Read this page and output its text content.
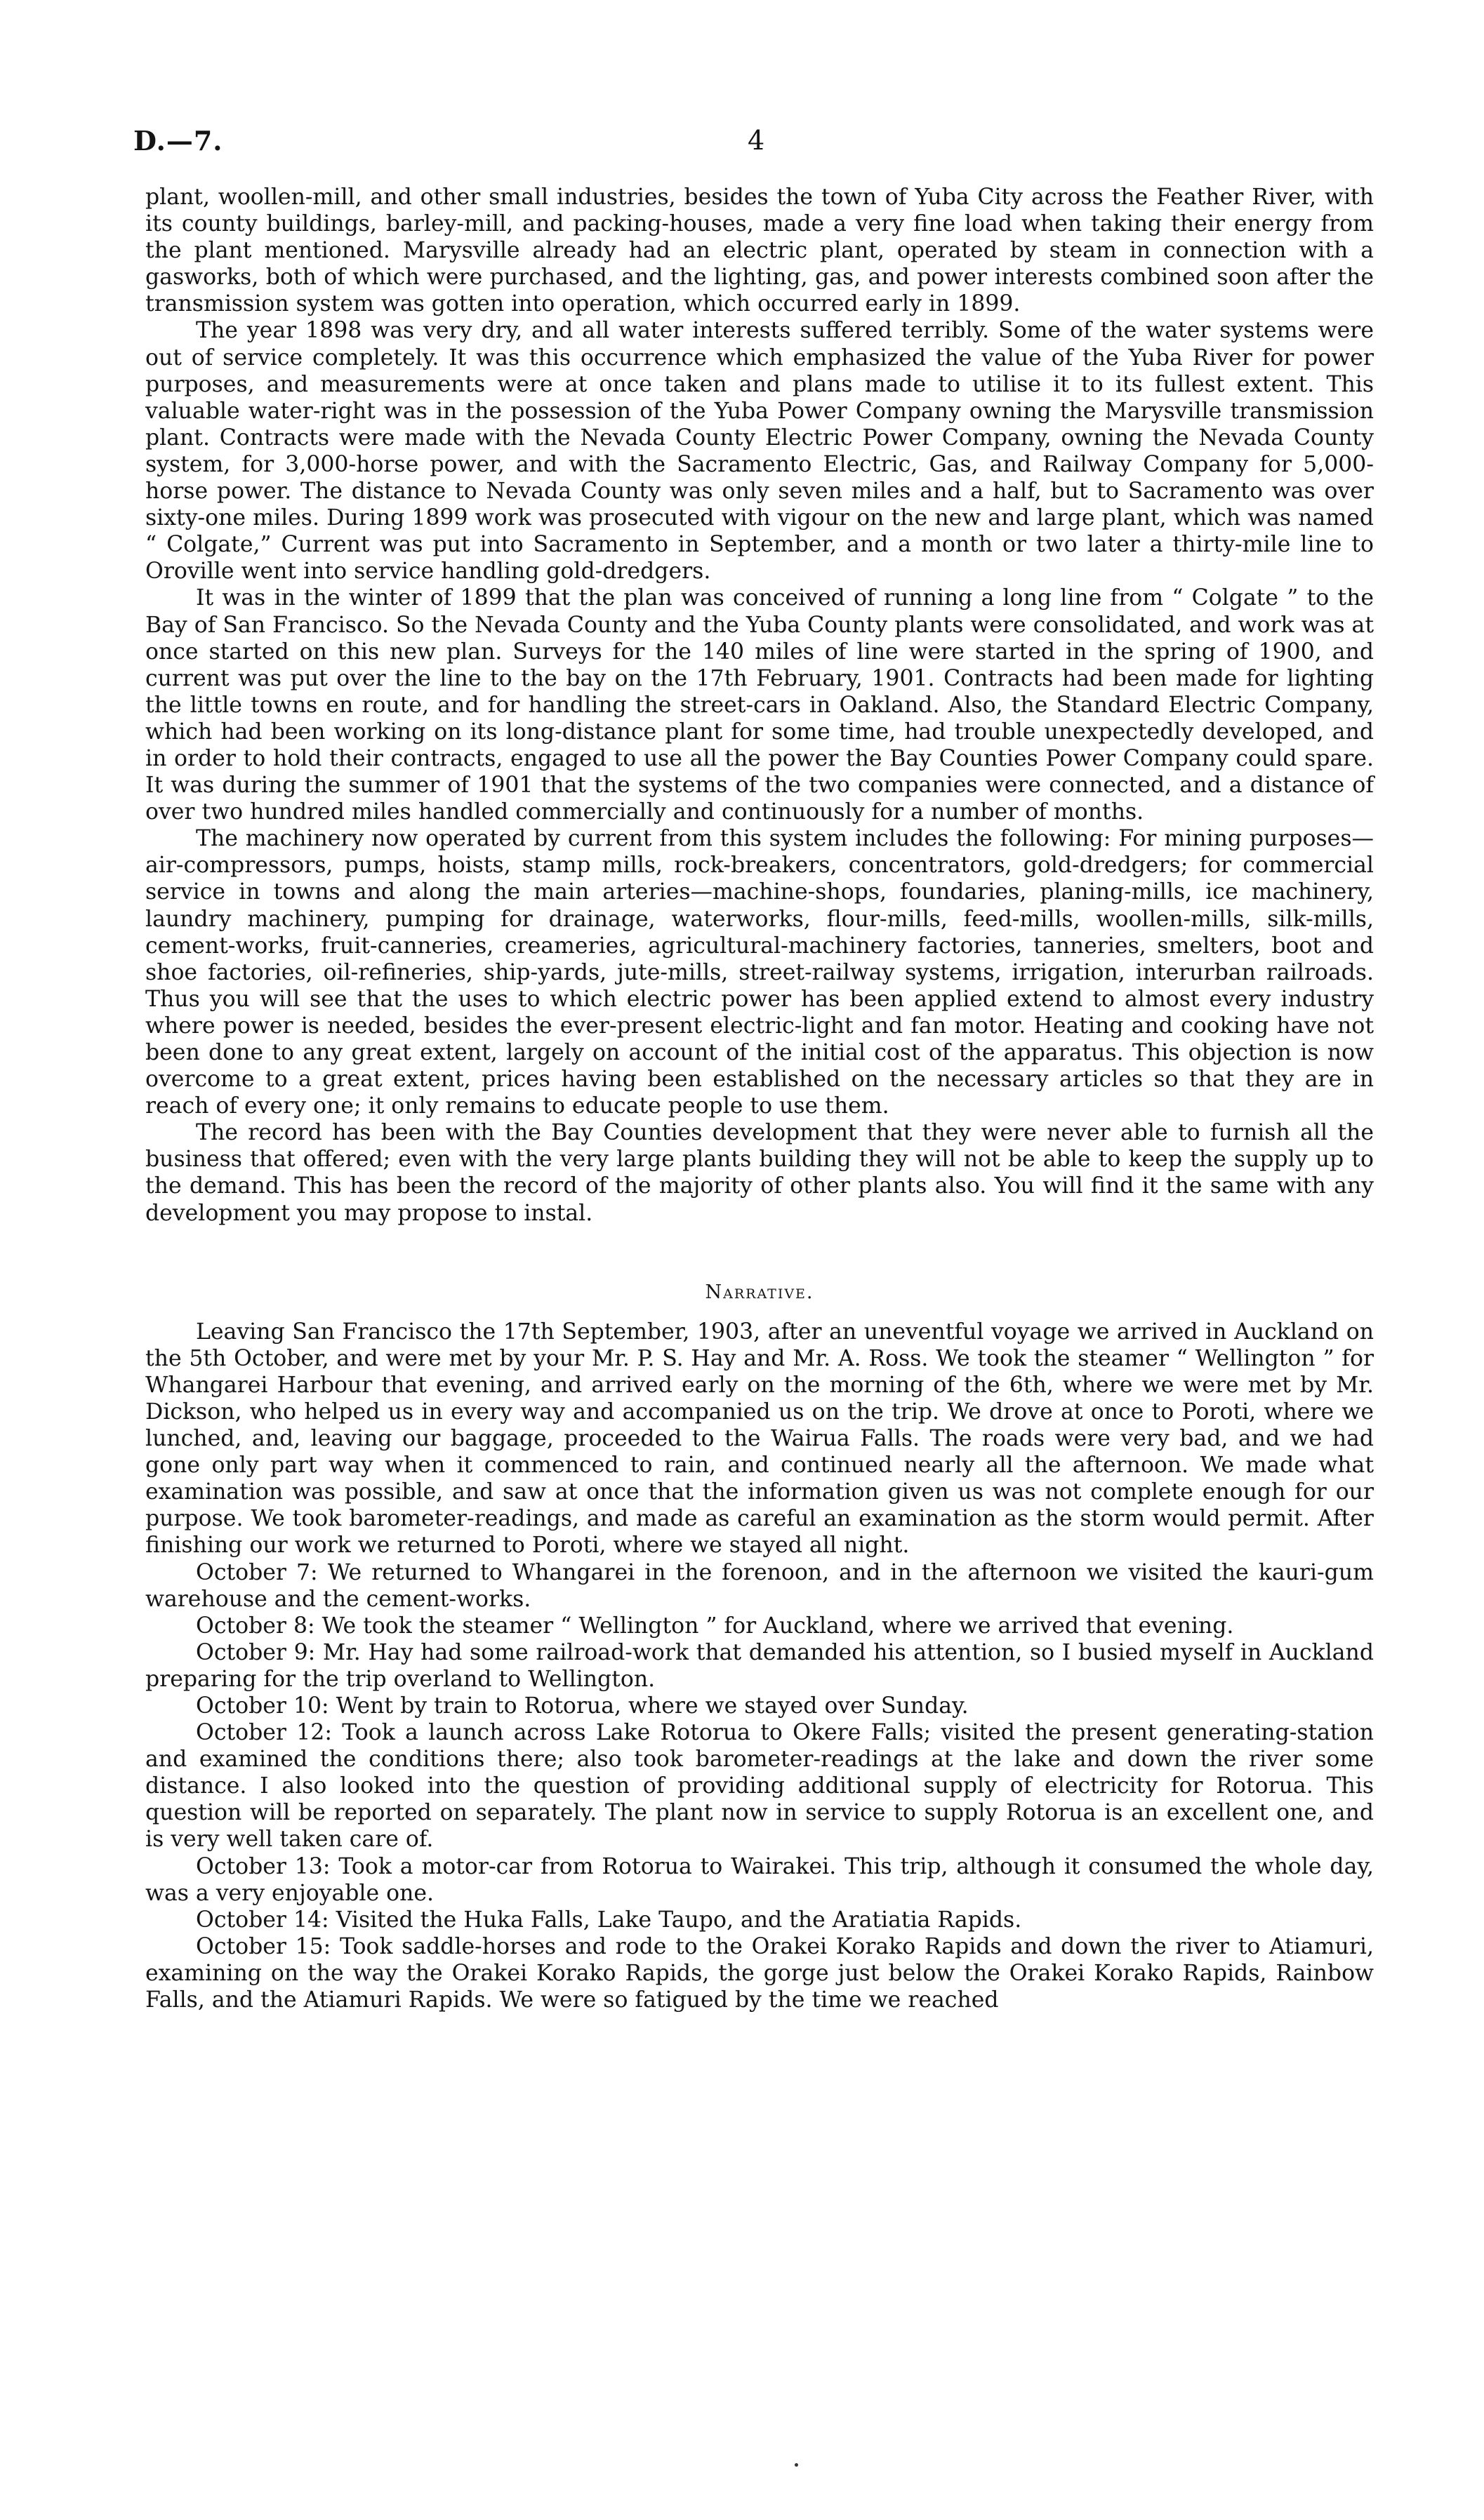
D.—7.	4

plant, woollen-mill, and other small industries, besides the town of Yuba City across the Feather River, with its county buildings, barley-mill, and packing-houses, made a very fine load when taking their energy from the plant mentioned. Marysville already had an electric plant, operated by steam in connection with a gasworks, both of which were purchased, and the lighting, gas, and power interests combined soon after the transmission system was gotten into operation, which occurred early in 1899.

The year 1898 was very dry, and all water interests suffered terribly. Some of the water systems were out of service completely. It was this occurrence which emphasized the value of the Yuba River for power purposes, and measurements were at once taken and plans made to utilise it to its fullest extent. This valuable water-right was in the possession of the Yuba Power Company owning the Marysville transmission plant. Contracts were made with the Nevada County Electric Power Company, owning the Nevada County system, for 3,000-horse power, and with the Sacramento Electric, Gas, and Railway Company for 5,000-horse power. The distance to Nevada County was only seven miles and a half, but to Sacramento was over sixty-one miles. During 1899 work was prosecuted with vigour on the new and large plant, which was named “ Colgate,” Current was put into Sacramento in September, and a month or two later a thirty-mile line to Oroville went into service handling gold-dredgers.

It was in the winter of 1899 that the plan was conceived of running a long line from “ Colgate ” to the Bay of San Francisco. So the Nevada County and the Yuba County plants were consolidated, and work was at once started on this new plan. Surveys for the 140 miles of line were started in the spring of 1900, and current was put over the line to the bay on the 17th February, 1901. Contracts had been made for lighting the little towns en route, and for handling the street-cars in Oakland. Also, the Standard Electric Company, which had been working on its long-distance plant for some time, had trouble unexpectedly developed, and in order to hold their contracts, engaged to use all the power the Bay Counties Power Company could spare. It was during the summer of 1901 that the systems of the two companies were connected, and a distance of over two hundred miles handled commercially and continuously for a number of months.

The machinery now operated by current from this system includes the following: For mining purposes—air-compressors, pumps, hoists, stamp mills, rock-breakers, concentrators, gold-dredgers; for commercial service in towns and along the main arteries—machine-shops, foundaries, planing-mills, ice machinery, laundry machinery, pumping for drainage, waterworks, flour-mills, feed-mills, woollen-mills, silk-mills, cement-works, fruit-canneries, creameries, agricultural-machinery factories, tanneries, smelters, boot and shoe factories, oil-refineries, ship-yards, jute-mills, street-railway systems, irrigation, interurban railroads. Thus you will see that the uses to which electric power has been applied extend to almost every industry where power is needed, besides the ever-present electric-light and fan motor. Heating and cooking have not been done to any great extent, largely on account of the initial cost of the apparatus. This objection is now overcome to a great extent, prices having been established on the necessary articles so that they are in reach of every one; it only remains to educate people to use them.

The record has been with the Bay Counties development that they were never able to furnish all the business that offered; even with the very large plants building they will not be able to keep the supply up to the demand. This has been the record of the majority of other plants also. You will find it the same with any development you may propose to instal.

Narrative.

Leaving San Francisco the 17th September, 1903, after an uneventful voyage we arrived in Auckland on the 5th October, and were met by your Mr. P. S. Hay and Mr. A. Ross. We took the steamer “ Wellington ” for Whangarei Harbour that evening, and arrived early on the morning of the 6th, where we were met by Mr. Dickson, who helped us in every way and accompanied us on the trip. We drove at once to Poroti, where we lunched, and, leaving our baggage, proceeded to the Wairua Falls. The roads were very bad, and we had gone only part way when it commenced to rain, and continued nearly all the afternoon. We made what examination was possible, and saw at once that the information given us was not complete enough for our purpose. We took barometer-readings, and made as careful an examination as the storm would permit. After finishing our work we returned to Poroti, where we stayed all night.

October 7: We returned to Whangarei in the forenoon, and in the afternoon we visited the kauri-gum warehouse and the cement-works.

October 8: We took the steamer “ Wellington ” for Auckland, where we arrived that evening.

October 9: Mr. Hay had some railroad-work that demanded his attention, so I busied myself in Auckland preparing for the trip overland to Wellington.

October 10: Went by train to Rotorua, where we stayed over Sunday.

October 12: Took a launch across Lake Rotorua to Okere Falls; visited the present generating-station and examined the conditions there; also took barometer-readings at the lake and down the river some distance. I also looked into the question of providing additional supply of electricity for Rotorua. This question will be reported on separately. The plant now in service to supply Rotorua is an excellent one, and is very well taken care of.

October 13: Took a motor-car from Rotorua to Wairakei. This trip, although it consumed the whole day, was a very enjoyable one.

October 14: Visited the Huka Falls, Lake Taupo, and the Aratiatia Rapids.

October 15: Took saddle-horses and rode to the Orakei Korako Rapids and down the river to Atiamuri, examining on the way the Orakei Korako Rapids, the gorge just below the Orakei Korako Rapids, Rainbow Falls, and the Atiamuri Rapids. We were so fatigued by the time we reached
